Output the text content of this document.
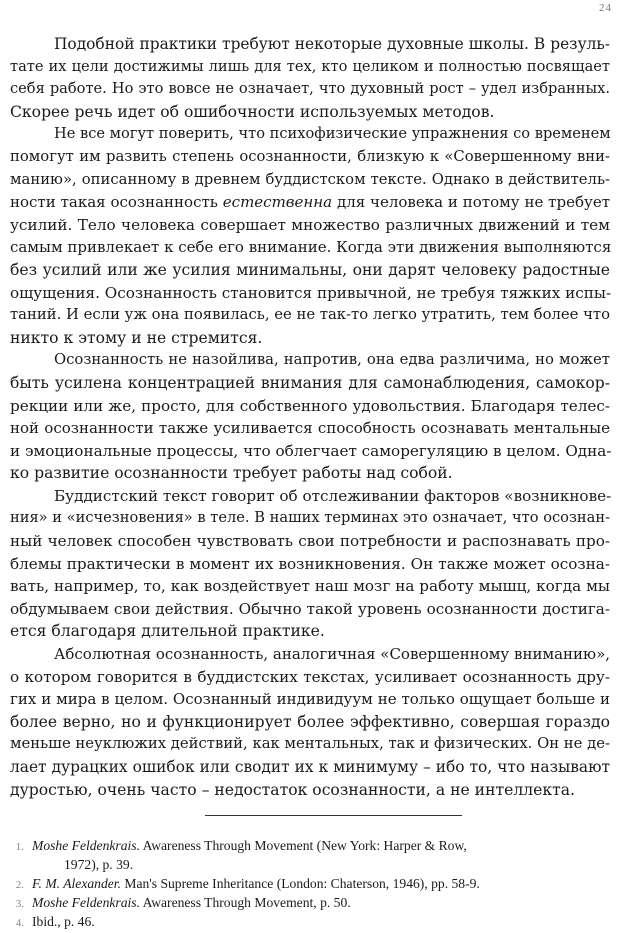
24
Подобной практики требуют некоторые духовные школы. В резуль-
тате их цели достижимы лишь для тех, кто целиком и полностью посвящает
себя работе. Но это вовсе не означает, что духовный рост – удел избранных.
Скорее речь идет об ошибочности используемых методов.
Не все могут поверить, что психофизические упражнения со временем
помогут им развить степень осознанности, близкую к «Совершенному вни-
манию», описанному в древнем буддистском тексте. Однако в действитель-
ности такая осознанность естественна для человека и потому не требует
усилий. Тело человека совершает множество различных движений и тем
самым привлекает к себе его внимание. Когда эти движения выполняются
без усилий или же усилия минимальны, они дарят человеку радостные
ощущения. Осознанность становится привычной, не требуя тяжких испы-
таний. И если уж она появилась, ее не так-то легко утратить, тем более что
никто к этому и не стремится.
Осознанность не назойлива, напротив, она едва различима, но может
быть усилена концентрацией внимания для самонаблюдения, самокор-
рекции или же, просто, для собственного удовольствия. Благодаря телес-
ной осознанности также усиливается способность осознавать ментальные
и эмоциональные процессы, что облегчает саморегуляцию в целом. Одна-
ко развитие осознанности требует работы над собой.
Буддистский текст говорит об отслеживании факторов «возникнове-
ния» и «исчезновения» в теле. В наших терминах это означает, что осознан-
ный человек способен чувствовать свои потребности и распознавать про-
блемы практически в момент их возникновения. Он также может осозна-
вать, например, то, как воздействует наш мозг на работу мышц, когда мы
обдумываем свои действия. Обычно такой уровень осознанности достига-
ется благодаря длительной практике.
Абсолютная осознанность, аналогичная «Совершенному вниманию»,
о котором говорится в буддистских текстах, усиливает осознанность дру-
гих и мира в целом. Осознанный индивидуум не только ощущает больше и
более верно, но и функционирует более эффективно, совершая гораздо
меньше неуклюжих действий, как ментальных, так и физических. Он не де-
лает дурацких ошибок или сводит их к минимуму – ибо то, что называют
дуростью, очень часто – недостаток осознанности, а не интеллекта.
1. Moshe Feldenkrais. Awareness Through Movement (New York: Harper & Row,
1972), p. 39.
2. F. M. Alexander. Man's Supreme Inheritance (London: Chaterson, 1946), pp. 58-9.
3. Moshe Feldenkrais. Awareness Through Movement, p. 50.
4. Ibid., p. 46.
